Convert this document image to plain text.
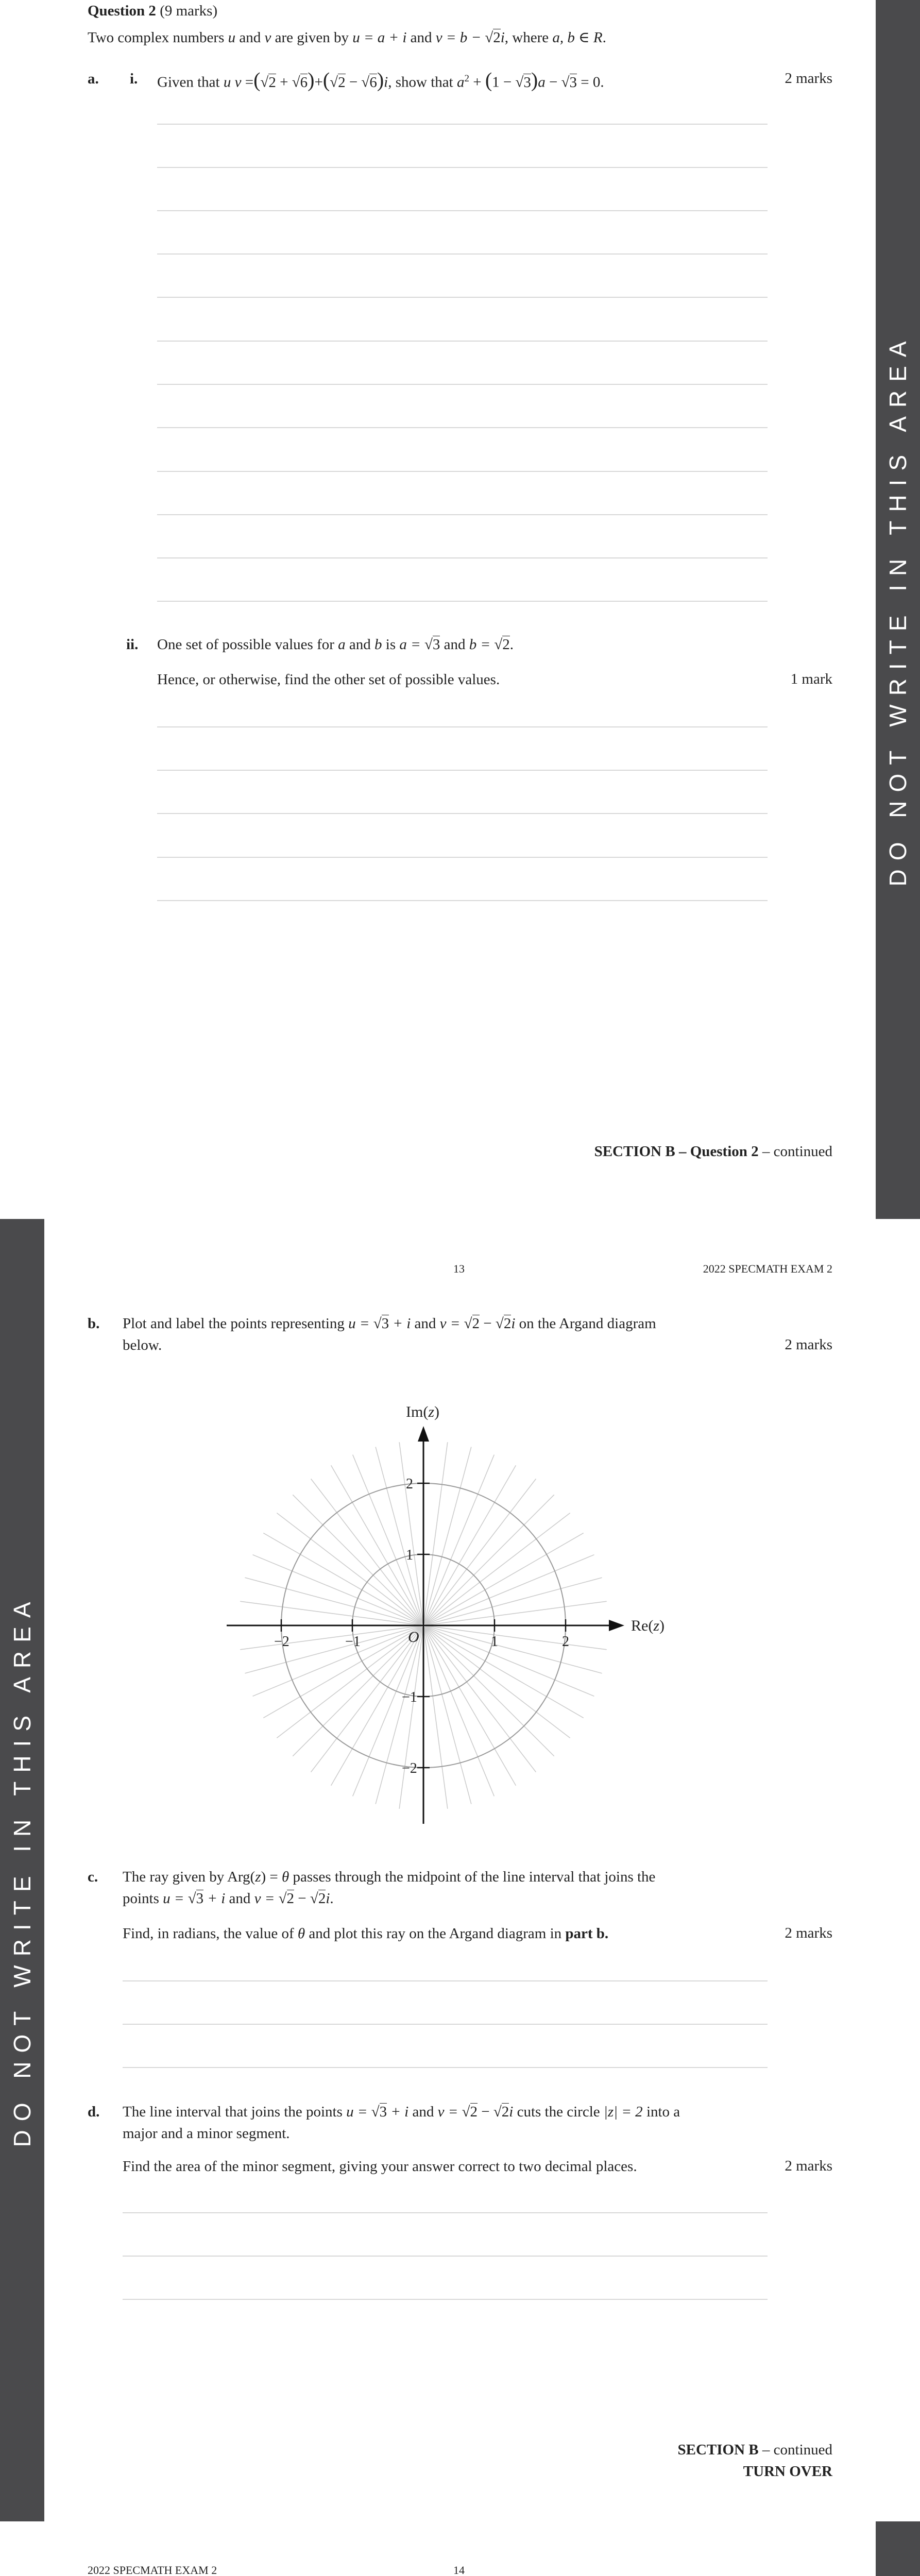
DO NOT WRITE IN THIS AREA
DO NOT WRITE IN THIS AREA
Question 2 (9 marks)
Two complex numbers u and v are given by u = a + i and v = b − √2i, where a, b ∈ R.
a. i. Given that u v =(√2 + √6)+(√2 − √6)i, show that $a^2 + (1 - √3)a - √3 = 0$.	2 marks
ii. One set of possible values for a and b is a = √3 and b = √2.
Hence, or otherwise, find the other set of possible values.	1 mark
SECTION B – Question 2 – continued
13	2022 SPECMATH EXAM 2
b. Plot and label the points representing u = √3 + i and v = √2 − √2i on the Argand diagram
below.	2 marks
−2	−1	1	2
2
1
−1
−2
O
Im(z)
Re(z)
c. The ray given by Arg(z) = θ passes through the midpoint of the line interval that joins the
points u = √3 + i and v = √2 − √2i.
Find, in radians, the value of θ and plot this ray on the Argand diagram in part b.	2 marks
d. The line interval that joins the points u = √3 + i and v = √2 − √2i cuts the circle |z| = 2 into a
major and a minor segment.
Find the area of the minor segment, giving your answer correct to two decimal places.	2 marks
SECTION B – continued
TURN OVER
2022 SPECMATH EXAM 2	14
